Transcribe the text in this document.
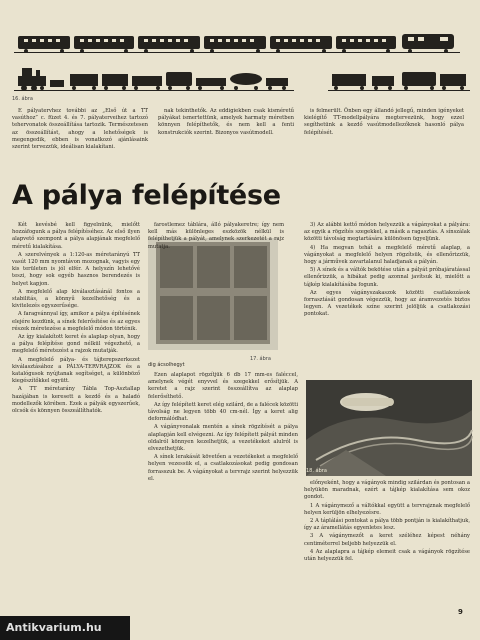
16. ábra

E pályatervhez további az „Első út a TT vasúthoz” c. füzet 4. és 7. pályaterveihez tartozó tehervonatok összeállítása tartozik. Természetesen az összeállítást, ahogy a lehetőségek is megengedik, ebben is vonatkozó ajánlásaink szerint tervezzük, ideálisan kialakítani.

nak tekinthetők. Az eddigiekben csak kisméretű pályákat ismertettünk, amelyek harmaty méretben könnyen felépíthetők, és nem kell a fenti konstrukciók szerint. Bizonyos vasútmodell.

is felmerült. Önben egy állandó jellegű, minden igényeket kielégítő TT-modellpályára megtervezünk, hogy ezzel segíthetünk a kezdő vasútmodellezőknek hasonló pálya felépítését.

A pálya felépítése

Két kevésbé kell figyelnünk, mielőtt hozzáfogunk a pálya felépítéséhez. Az első ilyen alapvető szempont a pálya alapjának megfelelő méretű kialakítása.

A szerelvények a 1:120-as méretarányú TT vasút 120 mm nyomtávon mozognak, vagyis egy kis területen is jól elfér. A helyszín lehetővé teszi, hogy sok egyéb hasznos berendezés is helyet kapjon.

A megfelelő alap kiválasztásánál fontos a stabilitás, a könnyű kezelhetőség és a kivitelezés egyszerűsége.

A faragvánnyal így, amikor a pálya építésének elejére kezdünk, a sínek felerősítése és az egyes részek méretezése a megfelelő módon történik.

Az így kialakított keret és alaplap olyan, hogy a pálya felépítése gond nélkül végezhető, a megfelelő méretezést a rajzok mutatják.

A megfelelő pálya- és tájterepszerkezet kiválasztásához a PÁLYA-TERVRAJZOK és a katalógusok nyújtanak segítséget, a különböző kiegészítőkkel együtt.

A TT méretarány Tábla Top-Asztallap hazájában is keresett a kezdő és a haladó modellezők körében. Ezek a pályák egyszerűek, olcsók és könnyen összeállíthatók.

17. ábra

farostlemez táblára, álló pályakeretre; így nem kell más különleges eszközök nélkül is felépíthetjük a pályát, amelynek szerkezetét a rajz mutatja.

dig ácsolhegyt

Ezen alaplapot rögzítjük 6 db 17 mm-es faléccel, amelynek végét enyvvel és szegekkel erősítjük. A keretet a rajz szerint összeállítva az alaplap felerősíthető.

Az így felépített keret elég szilárd, de a falécek közötti távolság ne legyen több 40 cm-nél. Így a keret alig deformálódhat.

A vágányvonalak mentén a sínek rögzítését a pálya alaplapján kell elvégezni. Az így felépített pályát minden oldalról könnyen kezelhetjük, a vezetékeket alulról is elvezethetjük.

A sínek lerakását követően a vezetékeket a megfelelő helyen vezessük el, a csatlakozásokat pedig gondosan forrasszuk be. A vágányokat a tervrajz szerint helyezzük el.

3) Az alábbi kettő módon helyezzük a vágányokat a pályára: az egyik a rögzítés szegekkel, a másik a ragasztás. A sínszálak közötti távolság megtartására különösen ügyeljünk.

4) Ha megvan tehát a megfelelő méretű alaplap, a vágányokat a megfelelő helyen rögzítsük, és ellenőrizzük, hogy a járművek zavartalanul haladjanak a pályán.

5) A sínek és a váltók bekötése után a pályát próbajáratással ellenőrizzük, a hibákat pedig azonnal javítsuk ki, mielőtt a tájkép kialakításába fogunk.

Az egyes vágányszakaszok közötti csatlakozások forrasztását gondosan végezzük, hogy az áramvezetés biztos legyen. A vezetékek színe szerint jelöljük a csatlakozási pontokat.

18. ábra

előnyeként, hogy a vágányok mindig szilárdan és pontosan a helyükön maradnak, ezért a tájkép kialakítása sem okoz gondot.

1 A vágánymező a váltókkal együtt a tervrajznak megfelelő helyen kerüljön elhelyezésre.

2 A táplálási pontokat a pálya több pontján is kialakíthatjuk, így az áramellátás egyenletes lesz.

3 A vágánymezőt a keret széléhez képest néhány centiméterrel beljebb helyezzük el.

4 Az alaplapra a tájkép elemeit csak a vágányok rögzítése után helyezzük fel.

9
Antikvarium.hu
